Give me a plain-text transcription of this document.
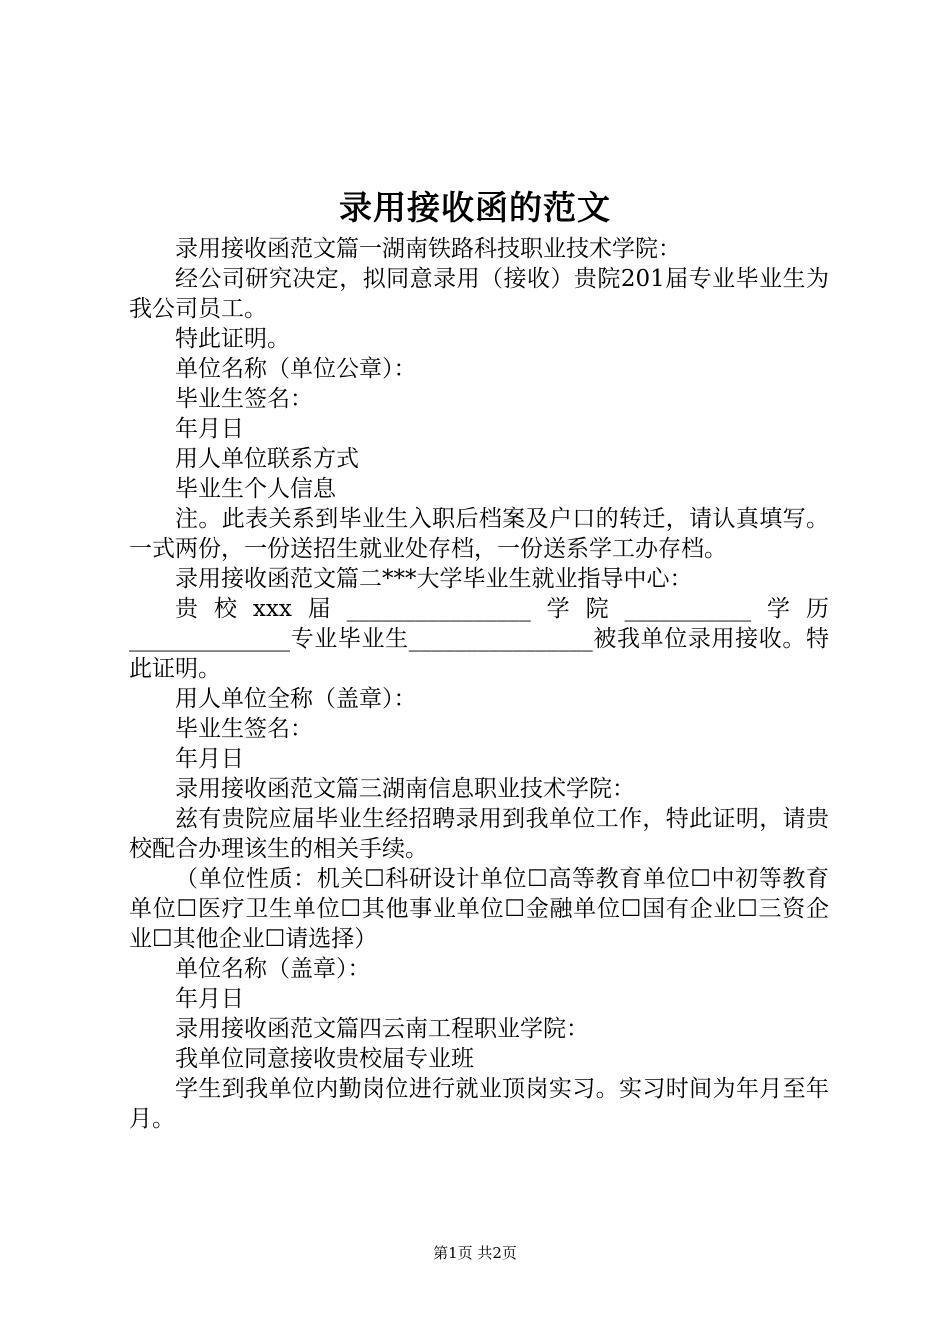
录用接收函的范文

录用接收函范文篇一湖南铁路科技职业技术学院：

经公司研究决定，拟同意录用（接收）贵院201届专业毕业生为我公司员工。

特此证明。

单位名称（单位公章）：

毕业生签名：

年月日

用人单位联系方式

毕业生个人信息

注。此表关系到毕业生入职后档案及户口的转迁，请认真填写。一式两份，一份送招生就业处存档，一份送系学工办存档。

录用接收函范文篇二***大学毕业生就业指导中心：

贵校xxx届________________学院___________学历______________专业毕业生________________被我单位录用接收。特此证明。

用人单位全称（盖章）：

毕业生签名：

年月日

录用接收函范文篇三湖南信息职业技术学院：

兹有贵院应届毕业生经招聘录用到我单位工作，特此证明，请贵校配合办理该生的相关手续。

（单位性质：机关☐科研设计单位☐高等教育单位☐中初等教育单位☐医疗卫生单位☐其他事业单位☐金融单位☐国有企业☐三资企业☐其他企业☐请选择）

单位名称（盖章）：

年月日

录用接收函范文篇四云南工程职业学院：

我单位同意接收贵校届专业班

学生到我单位内勤岗位进行就业顶岗实习。实习时间为年月至年月。

第1页 共2页
